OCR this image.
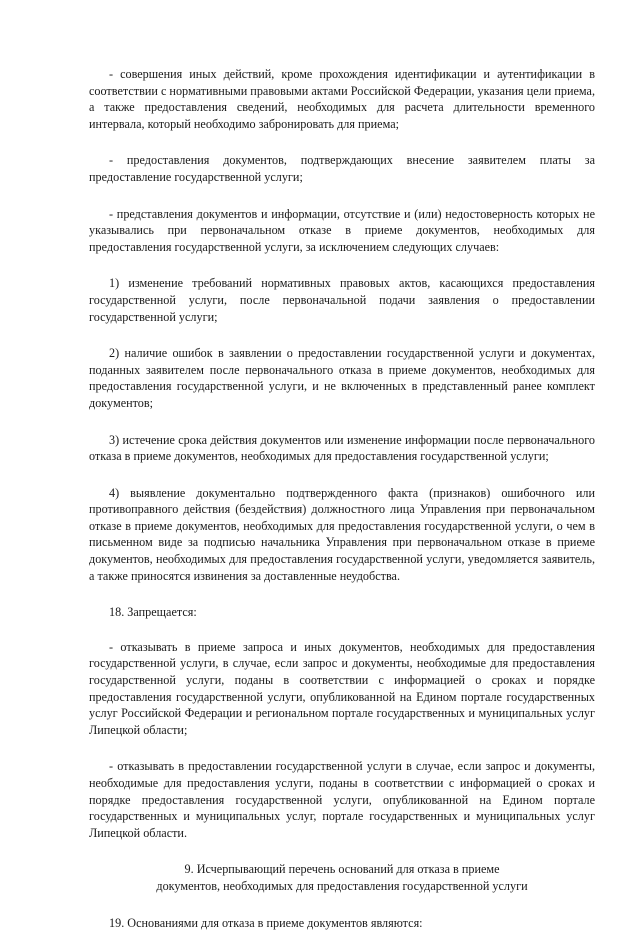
- совершения иных действий, кроме прохождения идентификации и аутентификации в соответствии с нормативными правовыми актами Российской Федерации, указания цели приема, а также предоставления сведений, необходимых для расчета длительности временного интервала, который необходимо забронировать для приема;

- предоставления документов, подтверждающих внесение заявителем платы за предоставление государственной услуги;

- представления документов и информации, отсутствие и (или) недостоверность которых не указывались при первоначальном отказе в приеме документов, необходимых для предоставления государственной услуги, за исключением следующих случаев:

1) изменение требований нормативных правовых актов, касающихся предоставления государственной услуги, после первоначальной подачи заявления о предоставлении государственной услуги;

2) наличие ошибок в заявлении о предоставлении государственной услуги и документах, поданных заявителем после первоначального отказа в приеме документов, необходимых для предоставления государственной услуги, и не включенных в представленный ранее комплект документов;

3) истечение срока действия документов или изменение информации после первоначального отказа в приеме документов, необходимых для предоставления государственной услуги;

4) выявление документально подтвержденного факта (признаков) ошибочного или противоправного действия (бездействия) должностного лица Управления при первоначальном отказе в приеме документов, необходимых для предоставления государственной услуги, о чем в письменном виде за подписью начальника Управления при первоначальном отказе в приеме документов, необходимых для предоставления государственной услуги, уведомляется заявитель, а также приносятся извинения за доставленные неудобства.

18. Запрещается:

- отказывать в приеме запроса и иных документов, необходимых для предоставления государственной услуги, в случае, если запрос и документы, необходимые для предоставления государственной услуги, поданы в соответствии с информацией о сроках и порядке предоставления государственной услуги, опубликованной на Едином портале государственных услуг Российской Федерации и региональном портале государственных и муниципальных услуг Липецкой области;

- отказывать в предоставлении государственной услуги в случае, если запрос и документы, необходимые для предоставления услуги, поданы в соответствии с информацией о сроках и порядке предоставления государственной услуги, опубликованной на Едином портале государственных и муниципальных услуг, портале государственных и муниципальных услуг Липецкой области.

9. Исчерпывающий перечень оснований для отказа в приеме
документов, необходимых для предоставления государственной услуги

19. Основаниями для отказа в приеме документов являются:
